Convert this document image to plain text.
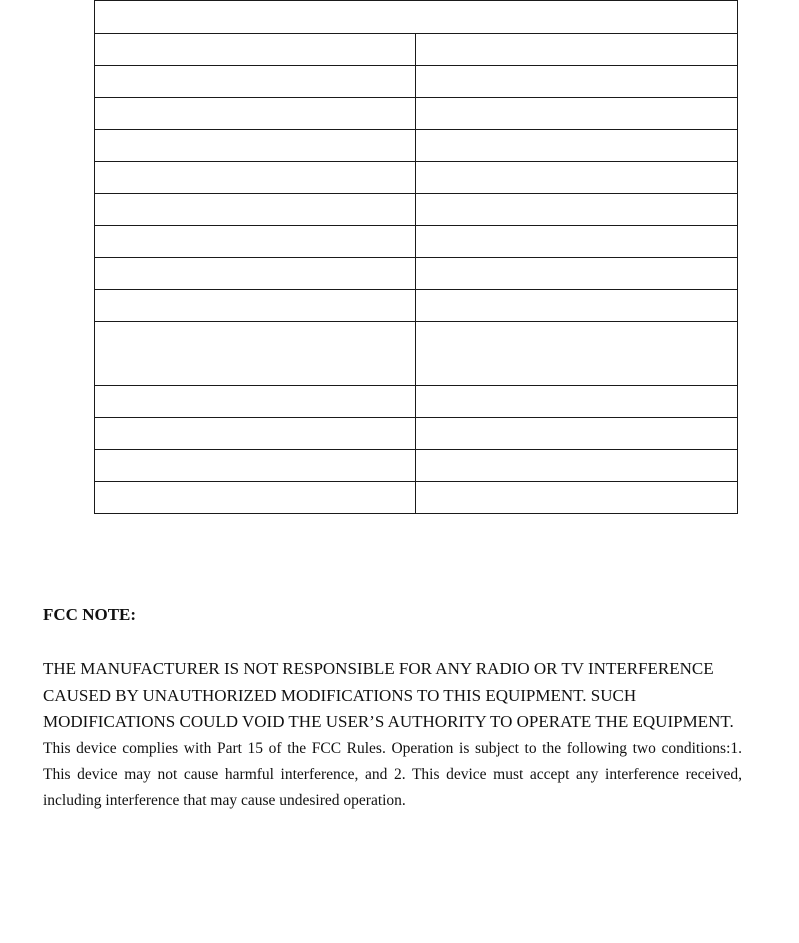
FCC NOTE:

THE MANUFACTURER IS NOT RESPONSIBLE FOR ANY RADIO OR TV INTERFERENCE CAUSED BY UNAUTHORIZED MODIFICATIONS TO THIS EQUIPMENT. SUCH MODIFICATIONS COULD VOID THE USER’S AUTHORITY TO OPERATE THE EQUIPMENT.

This device complies with Part 15 of the FCC Rules. Operation is subject to the following two conditions:1. This device may not cause harmful interference, and 2. This device must accept any interference received, including interference that may cause undesired operation.
